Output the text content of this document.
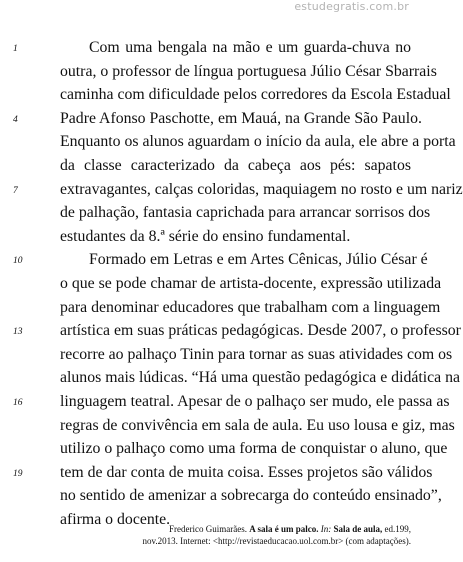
estudegratis.com.br
1	Com uma bengala na mão e um guarda-chuva no
outra, o professor de língua portuguesa Júlio César Sbarrais
caminha com dificuldade pelos corredores da Escola Estadual
4	Padre Afonso Paschotte, em Mauá, na Grande São Paulo.
Enquanto os alunos aguardam o início da aula, ele abre a porta
da classe caracterizado da cabeça aos pés: sapatos
7	extravagantes, calças coloridas, maquiagem no rosto e um nariz
de palhação, fantasia caprichada para arrancar sorrisos dos
estudantes da 8.ª série do ensino fundamental.
10	Formado em Letras e em Artes Cênicas, Júlio César é
o que se pode chamar de artista-docente, expressão utilizada
para denominar educadores que trabalham com a linguagem
13	artística em suas práticas pedagógicas. Desde 2007, o professor
recorre ao palhaço Tinin para tornar as suas atividades com os
alunos mais lúdicas. “Há uma questão pedagógica e didática na
16	linguagem teatral. Apesar de o palhaço ser mudo, ele passa as
regras de convivência em sala de aula. Eu uso lousa e giz, mas
utilizo o palhaço como uma forma de conquistar o aluno, que
19	tem de dar conta de muita coisa. Esses projetos são válidos
no sentido de amenizar a sobrecarga do conteúdo ensinado”,
afirma o docente.
Frederico Guimarães. A sala é um palco. In: Sala de aula, ed.199,
nov.2013. Internet: <http://revistaeducacao.uol.com.br> (com adaptações).
